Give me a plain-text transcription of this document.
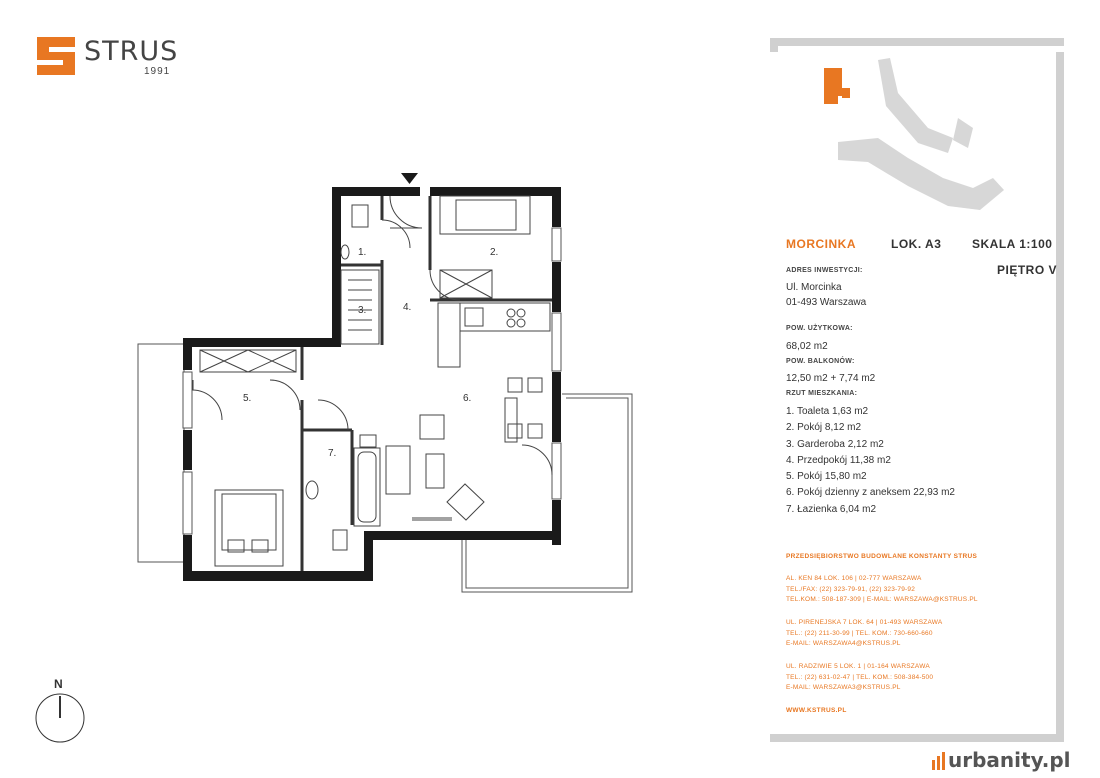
STRUS
1991
1.	2.
3.	4.
5.	6.
7.
N
MORCINKA	LOK. A3	SKALA 1:100
PIĘTRO V
ADRES INWESTYCJI:
Ul. Morcinka
01-493 Warszawa
POW. UŻYTKOWA:
68,02 m2
POW. BALKONÓW:
12,50 m2 + 7,74 m2
RZUT MIESZKANIA:
1. Toaleta 1,63 m2
2. Pokój 8,12 m2
3. Garderoba 2,12 m2
4. Przedpokój 11,38 m2
5. Pokój 15,80 m2
6. Pokój dzienny z aneksem 22,93 m2
7. Łazienka 6,04 m2
PRZEDSIĘBIORSTWO BUDOWLANE KONSTANTY STRUS
AL. KEN 84 LOK. 106 | 02-777 WARSZAWA
TEL./FAX: (22) 323-79-91, (22) 323-79-92
TEL.KOM.: 508-187-309 | E-MAIL: WARSZAWA@KSTRUS.PL
UL. PIRENEJSKA 7 LOK. 64 | 01-493 WARSZAWA
TEL.: (22) 211-30-99 | TEL. KOM.: 730-660-660
E-MAIL: WARSZAWA4@KSTRUS.PL
UL. RADZIWIE 5 LOK. 1 | 01-164 WARSZAWA
TEL.: (22) 631-02-47 | TEL. KOM.: 508-384-500
E-MAIL: WARSZAWA3@KSTRUS.PL
WWW.KSTRUS.PL
urbanity.pl
